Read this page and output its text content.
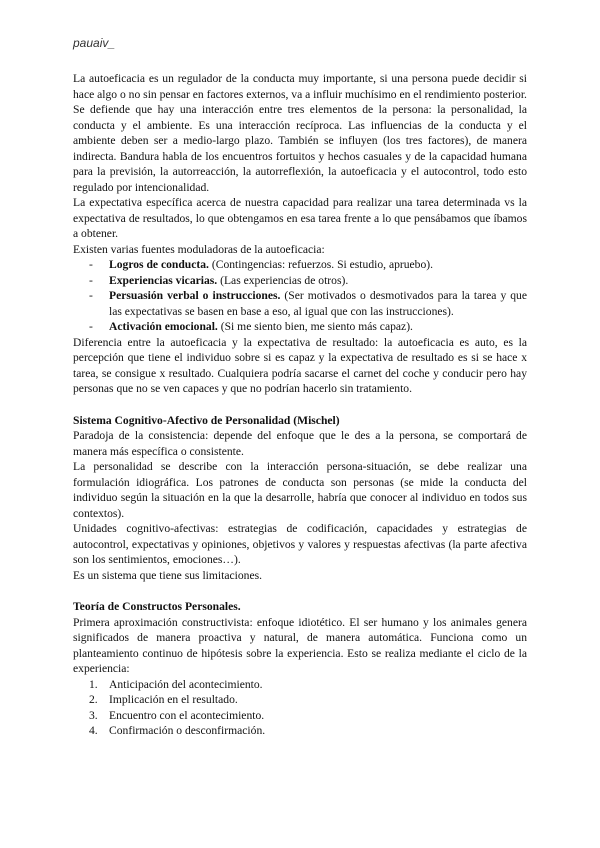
pauaiv_

La autoeficacia es un regulador de la conducta muy importante, si una persona puede decidir si hace algo o no sin pensar en factores externos, va a influir muchísimo en el rendimiento posterior.

Se defiende que hay una interacción entre tres elementos de la persona: la personalidad, la conducta y el ambiente. Es una interacción recíproca. Las influencias de la conducta y el ambiente deben ser a medio-largo plazo. También se influyen (los tres factores), de manera indirecta. Bandura habla de los encuentros fortuitos y hechos casuales y de la capacidad humana para la previsión, la autorreacción, la autorreflexión, la autoeficacia y el autocontrol, todo esto regulado por intencionalidad.

La expectativa específica acerca de nuestra capacidad para realizar una tarea determinada vs la expectativa de resultados, lo que obtengamos en esa tarea frente a lo que pensábamos que íbamos a obtener.

Existen varias fuentes moduladoras de la autoeficacia:

- Logros de conducta. (Contingencias: refuerzos. Si estudio, apruebo).
- Experiencias vicarias. (Las experiencias de otros).
- Persuasión verbal o instrucciones. (Ser motivados o desmotivados para la tarea y que las expectativas se basen en base a eso, al igual que con las instrucciones).
- Activación emocional. (Si me siento bien, me siento más capaz).

Diferencia entre la autoeficacia y la expectativa de resultado: la autoeficacia es auto, es la percepción que tiene el individuo sobre si es capaz y la expectativa de resultado es si se hace x tarea, se consigue x resultado. Cualquiera podría sacarse el carnet del coche y conducir pero hay personas que no se ven capaces y que no podrían hacerlo sin tratamiento.

Sistema Cognitivo-Afectivo de Personalidad (Mischel)

Paradoja de la consistencia: depende del enfoque que le des a la persona, se comportará de manera más específica o consistente.

La personalidad se describe con la interacción persona-situación, se debe realizar una formulación idiográfica. Los patrones de conducta son personas (se mide la conducta del individuo según la situación en la que la desarrolle, habría que conocer al individuo en todos sus contextos).

Unidades cognitivo-afectivas: estrategias de codificación, capacidades y estrategias de autocontrol, expectativas y opiniones, objetivos y valores y respuestas afectivas (la parte afectiva son los sentimientos, emociones…).

Es un sistema que tiene sus limitaciones.

Teoría de Constructos Personales.

Primera aproximación constructivista: enfoque idiotético. El ser humano y los animales genera significados de manera proactiva y natural, de manera automática. Funciona como un planteamiento continuo de hipótesis sobre la experiencia. Esto se realiza mediante el ciclo de la experiencia:

1. Anticipación del acontecimiento.
2. Implicación en el resultado.
3. Encuentro con el acontecimiento.
4. Confirmación o desconfirmación.
